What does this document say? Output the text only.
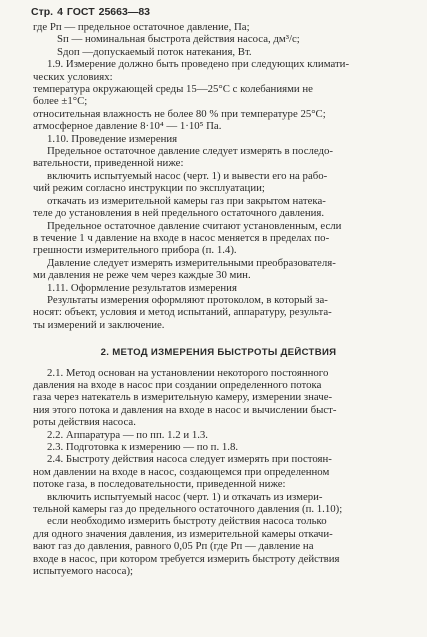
Стр. 4 ГОСТ 25663—83
где Pп — предельное остаточное давление, Па;
Sп — номинальная быстрота действия насоса, дм³/с;
Sдоп —допускаемый поток натекания, Вт.
1.9. Измерение должно быть проведено при следующих климати-
ческих условиях:
температура окружающей среды 15—25°С с колебаниями не
более ±1°С;
относительная влажность не более 80 % при температуре 25°С;
атмосферное давление 8·10⁴ — 1·10⁵ Па.
1.10. Проведение измерения
Предельное остаточное давление следует измерять в последо-
вательности, приведенной ниже:
включить испытуемый насос (черт. 1) и вывести его на рабо-
чий режим согласно инструкции по эксплуатации;
откачать из измерительной камеры газ при закрытом натека-
теле до установления в ней предельного остаточного давления.
Предельное остаточное давление считают установленным, если
в течение 1 ч давление на входе в насос меняется в пределах по-
грешности измерительного прибора (п. 1.4).
Давление следует измерять измерительными преобразователя-
ми давления не реже чем через каждые 30 мин.
1.11. Оформление результатов измерения
Результаты измерения оформляют протоколом, в который за-
носят: объект, условия и метод испытаний, аппаратуру, результа-
ты измерений и заключение.
2. МЕТОД ИЗМЕРЕНИЯ БЫСТРОТЫ ДЕЙСТВИЯ
2.1. Метод основан на установлении некоторого постоянного
давления на входе в насос при создании определенного потока
газа через натекатель в измерительную камеру, измерении значе-
ния этого потока и давления на входе в насос и вычислении быст-
роты действия насоса.
2.2. Аппаратура — по пп. 1.2 и 1.3.
2.3. Подготовка к измерению — по п. 1.8.
2.4. Быстроту действия насоса следует измерять при постоян-
ном давлении на входе в насос, создающемся при определенном
потоке газа, в последовательности, приведенной ниже:
включить испытуемый насос (черт. 1) и откачать из измери-
тельной камеры газ до предельного остаточного давления (п. 1.10);
если необходимо измерить быстроту действия насоса только
для одного значения давления, из измерительной камеры откачи-
вают газ до давления, равного 0,05 Pп (где Pп — давление на
входе в насос, при котором требуется измерить быстроту действия
испытуемого насоса);
